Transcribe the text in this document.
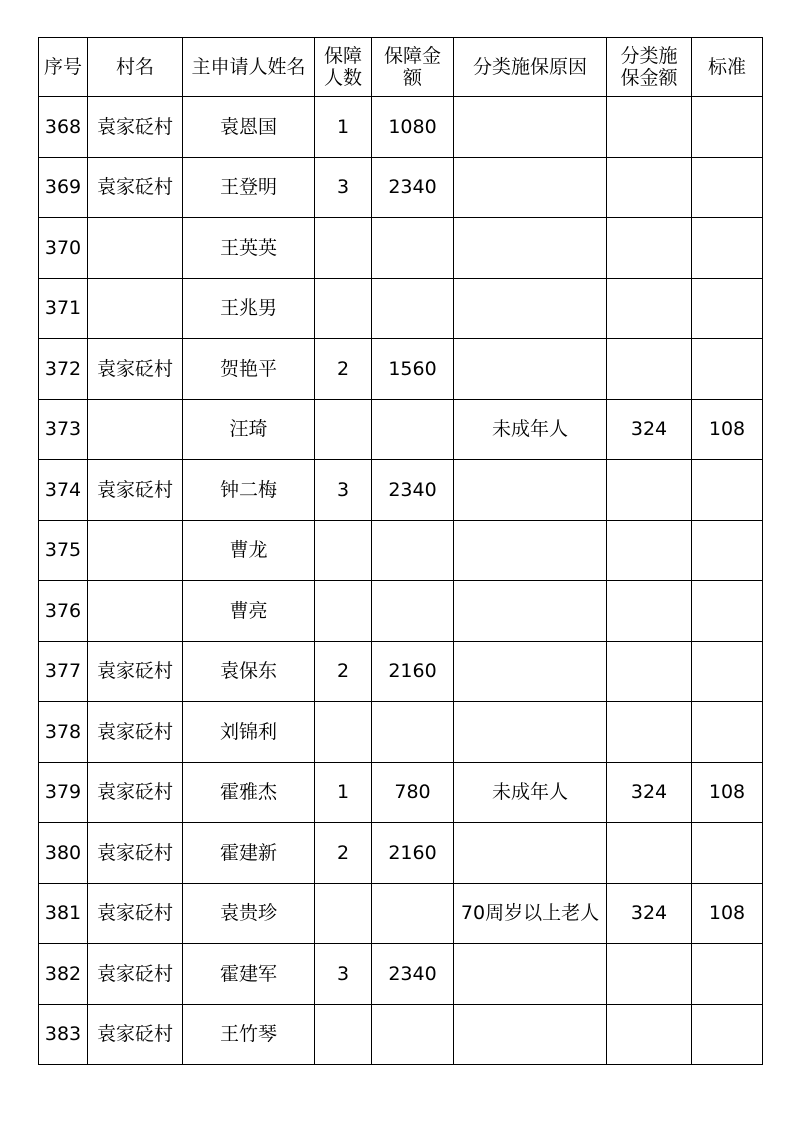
序号	村名	主申请人姓名	保障人数	保障金额	分类施保原因	分类施保金额	标准
368	袁家砭村	袁恩国	1	1080			
369	袁家砭村	王登明	3	2340			
370		王英英					
371		王兆男					
372	袁家砭村	贺艳平	2	1560			
373		汪琦			未成年人	324	108
374	袁家砭村	钟二梅	3	2340			
375		曹龙					
376		曹亮					
377	袁家砭村	袁保东	2	2160			
378	袁家砭村	刘锦利					
379	袁家砭村	霍雅杰	1	780	未成年人	324	108
380	袁家砭村	霍建新	2	2160			
381	袁家砭村	袁贵珍			70周岁以上老人	324	108
382	袁家砭村	霍建军	3	2340			
383	袁家砭村	王竹琴					
